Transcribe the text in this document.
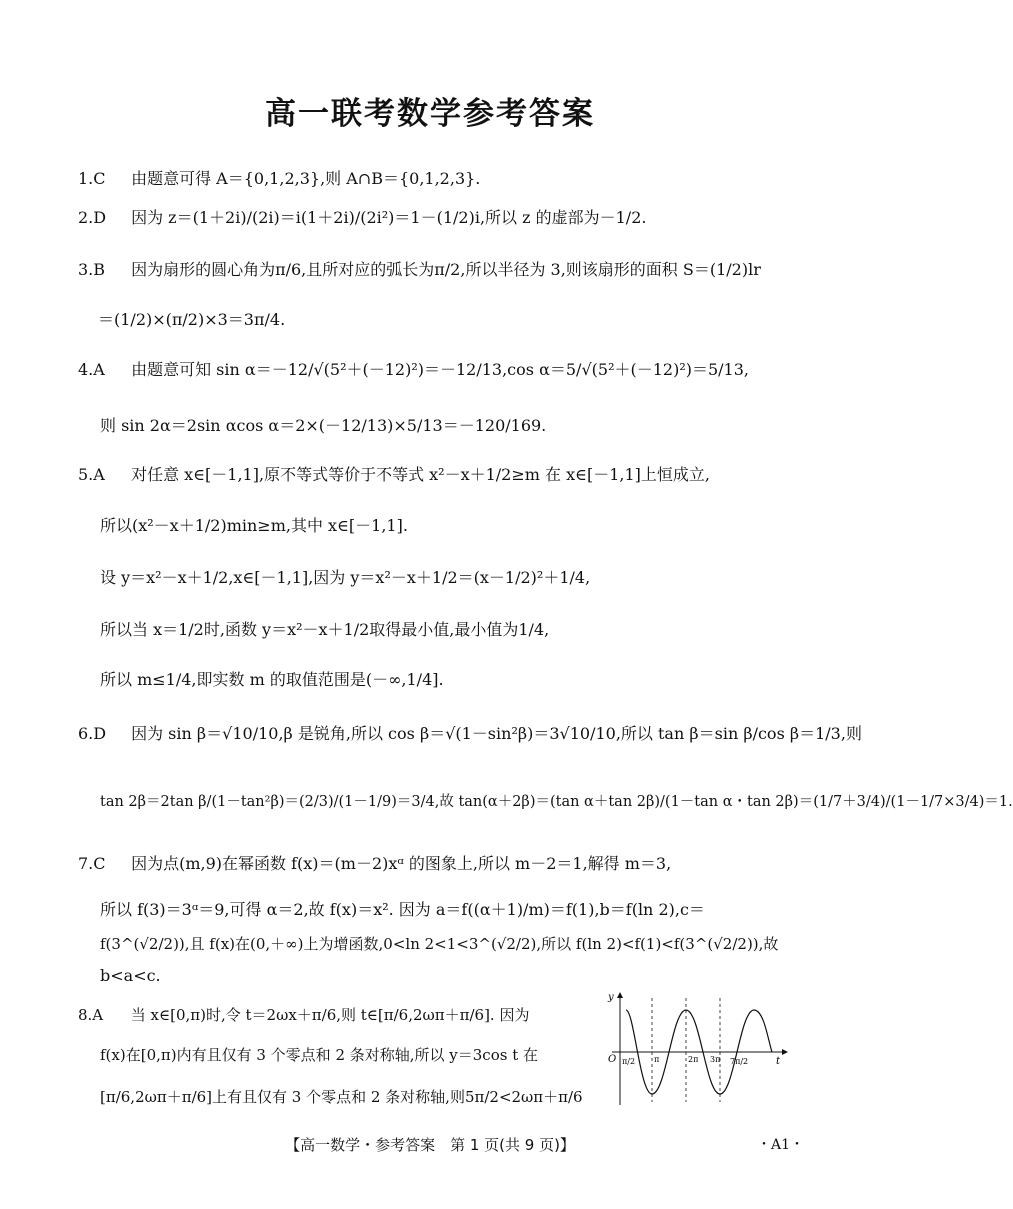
高一联考数学参考答案
1.C 由题意可得 A＝{0,1,2,3},则 A∩B＝{0,1,2,3}.
2.D 因为 z＝(1＋2i)/(2i)＝i(1＋2i)/(2i²)＝1－(1/2)i,所以 z 的虚部为－1/2.
3.B 因为扇形的圆心角为π/6,且所对应的弧长为π/2,所以半径为 3,则该扇形的面积 S＝(1/2)lr
＝(1/2)×(π/2)×3＝3π/4.
4.A 由题意可知 sin α＝－12/√(5²＋(－12)²)＝－12/13,cos α＝5/√(5²＋(－12)²)＝5/13,
则 sin 2α＝2sin αcos α＝2×(－12/13)×5/13＝－120/169.
5.A 对任意 x∈[－1,1],原不等式等价于不等式 x²－x＋1/2≥m 在 x∈[－1,1]上恒成立,
所以(x²－x＋1/2)min≥m,其中 x∈[－1,1].
设 y＝x²－x＋1/2,x∈[－1,1],因为 y＝x²－x＋1/2＝(x－1/2)²＋1/4,
所以当 x＝1/2时,函数 y＝x²－x＋1/2取得最小值,最小值为1/4,
所以 m≤1/4,即实数 m 的取值范围是(－∞,1/4].
6.D 因为 sin β＝√10/10,β 是锐角,所以 cos β＝√(1－sin²β)＝3√10/10,所以 tan β＝sin β/cos β＝1/3,则
tan 2β＝2tan β/(1－tan²β)＝(2/3)/(1－1/9)＝3/4,故 tan(α＋2β)＝(tan α＋tan 2β)/(1－tan α・tan 2β)＝(1/7＋3/4)/(1－1/7×3/4)＝1.
7.C 因为点(m,9)在幂函数 f(x)＝(m－2)xᵅ 的图象上,所以 m－2＝1,解得 m＝3,
所以 f(3)＝3ᵅ＝9,可得 α＝2,故 f(x)＝x². 因为 a＝f((α＋1)/m)＝f(1),b＝f(ln 2),c＝
f(3^(√2/2)),且 f(x)在(0,＋∞)上为增函数,0<ln 2<1<3^(√2/2),所以 f(ln 2)<f(1)<f(3^(√2/2)),故
b<a<c.
8.A 当 x∈[0,π)时,令 t＝2ωx＋π/6,则 t∈[π/6,2ωπ＋π/6]. 因为
f(x)在[0,π)内有且仅有 3 个零点和 2 条对称轴,所以 y＝3cos t 在
[π/6,2ωπ＋π/6]上有且仅有 3 个零点和 2 条对称轴,则5π/2<2ωπ＋π/6
y
t
O π/2 π	2π 3π 7π/2
【高一数学・参考答案　第 1 页(共 9 页)】	・A1・
